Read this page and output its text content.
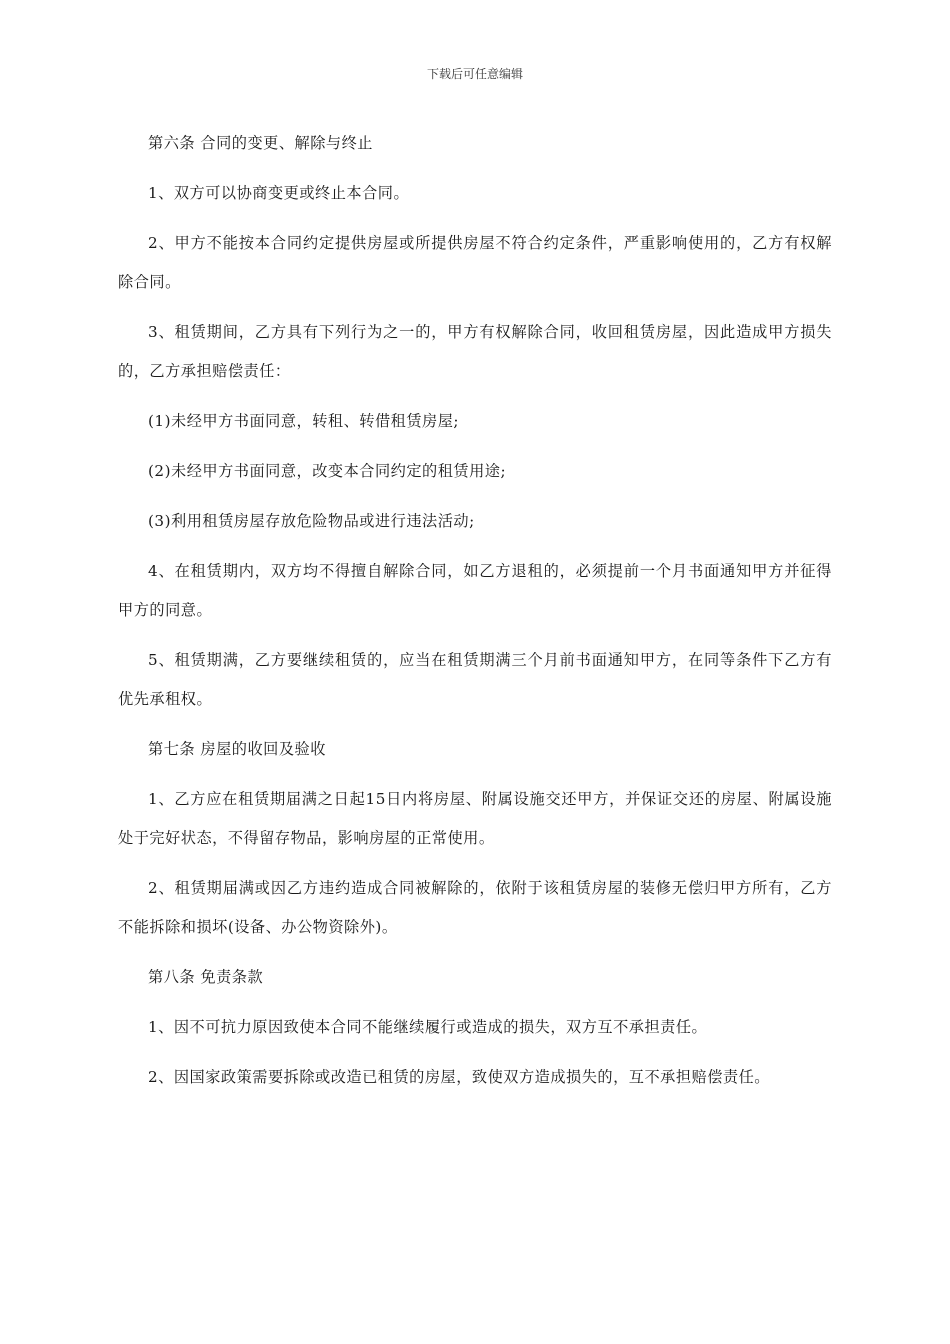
下载后可任意编辑

第六条 合同的变更、解除与终止

1、双方可以协商变更或终止本合同。

2、甲方不能按本合同约定提供房屋或所提供房屋不符合约定条件，严重影响使用的，乙方有权解除合同。

3、租赁期间，乙方具有下列行为之一的，甲方有权解除合同，收回租赁房屋，因此造成甲方损失的，乙方承担赔偿责任：

(1)未经甲方书面同意，转租、转借租赁房屋;

(2)未经甲方书面同意，改变本合同约定的租赁用途;

(3)利用租赁房屋存放危险物品或进行违法活动;

4、在租赁期内，双方均不得擅自解除合同，如乙方退租的，必须提前一个月书面通知甲方并征得甲方的同意。

5、租赁期满，乙方要继续租赁的，应当在租赁期满三个月前书面通知甲方，在同等条件下乙方有优先承租权。

第七条 房屋的收回及验收

1、乙方应在租赁期届满之日起15日内将房屋、附属设施交还甲方，并保证交还的房屋、附属设施处于完好状态，不得留存物品，影响房屋的正常使用。

2、租赁期届满或因乙方违约造成合同被解除的，依附于该租赁房屋的装修无偿归甲方所有，乙方不能拆除和损坏(设备、办公物资除外)。

第八条 免责条款

1、因不可抗力原因致使本合同不能继续履行或造成的损失，双方互不承担责任。

2、因国家政策需要拆除或改造已租赁的房屋，致使双方造成损失的，互不承担赔偿责任。
